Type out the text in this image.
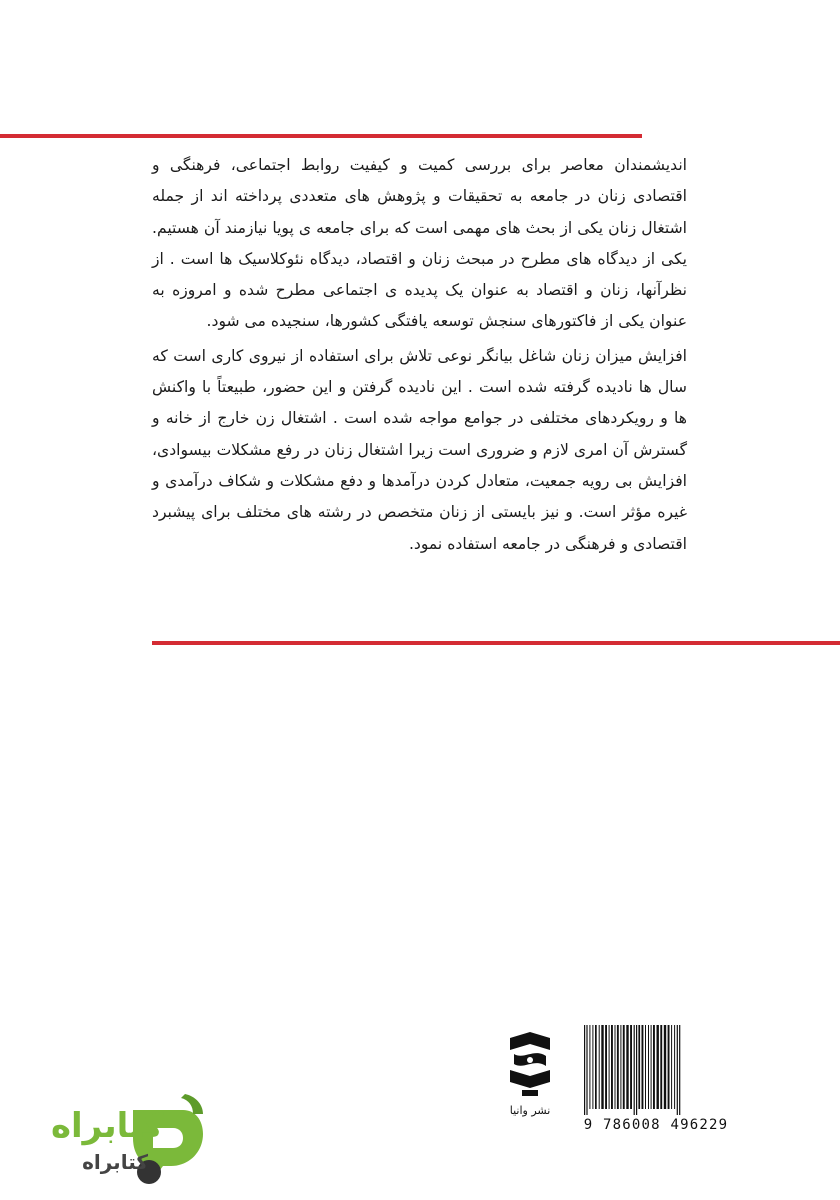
اندیشمندان معاصر برای بررسی کمیت و کیفیت روابط اجتماعی، فرهنگی و اقتصادی زنان در جامعه به تحقیقات و پژوهش های متعددی پرداخته اند از جمله اشتغال زنان یکی از بحث های مهمی است که برای جامعه ی پویا نیازمند آن هستیم. یکی از دیدگاه های مطرح در مبحث زنان و اقتصاد، دیدگاه نئوکلاسیک ها است . از نظرآنها، زنان و اقتصاد به عنوان یک پدیده ی اجتماعی مطرح شده و امروزه به عنوان یکی از فاکتورهای سنجش توسعه یافتگی کشورها، سنجیده می شود.

افزایش میزان زنان شاغل بیانگر نوعی تلاش برای استفاده از نیروی کاری است که سال ها نادیده گرفته شده است . این نادیده گرفتن و این حضور، طبیعتاً با واکنش ها و رویکردهای مختلفی در جوامع مواجه شده است . اشتغال زن خارج از خانه و گسترش آن امری لازم و ضروری است زیرا اشتغال زنان در رفع مشکلات بیسوادی، افزایش بی رویه جمعیت، متعادل کردن درآمدها و دفع مشکلات و شکاف درآمدی و غیره مؤثر است. و نیز بایستی از زنان متخصص در رشته های مختلف برای پیشبرد اقتصادی و فرهنگی در جامعه استفاده نمود.

نشر وانیا
9 786008 496229
کتابراه
کتابراه
